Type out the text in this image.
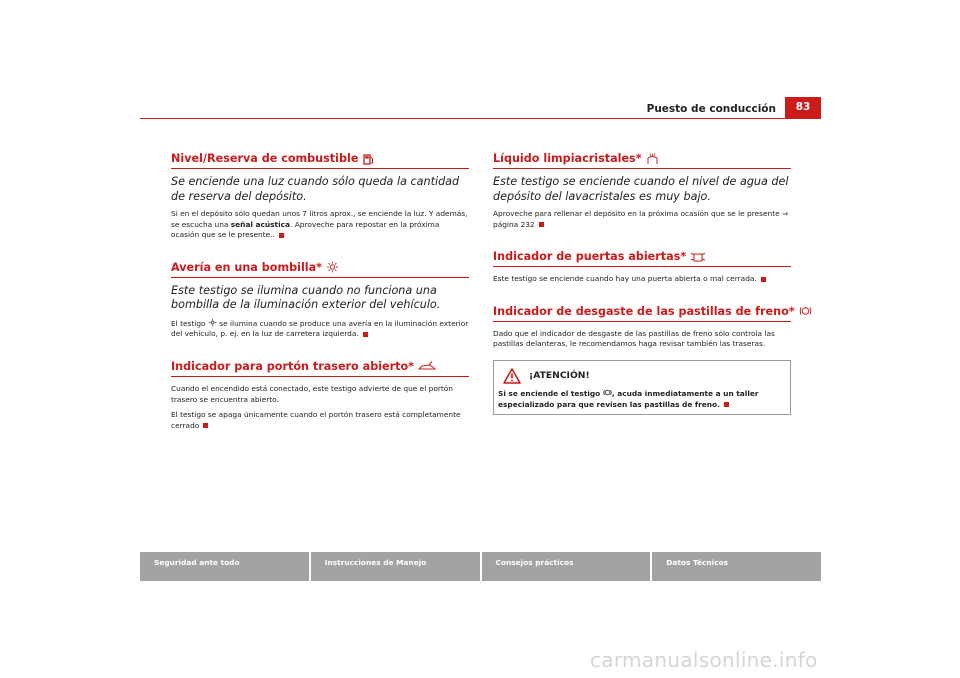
Puesto de conducción	83
Nivel/Reserva de combustible

Se enciende una luz cuando sólo queda la cantidad de reserva del depósito.

Si en el depósito sólo quedan unos 7 litros aprox., se enciende la luz. Y además, se escucha una señal acústica. Aproveche para repostar en la próxima ocasión que se le presente..

Avería en una bombilla*

Este testigo se ilumina cuando no funciona una bombilla de la iluminación exterior del vehículo.

El testigo
se ilumina cuando se produce una avería en la iluminación exterior del vehículo, p. ej. en la luz de carretera izquierda.

Indicador para portón trasero abierto*

Cuando el encendido está conectado, este testigo advierte de que el portón trasero se encuentra abierto.

El testigo se apaga únicamente cuando el portón trasero está completamente cerrado

Líquido limpiacristales*

Este testigo se enciende cuando el nivel de agua del depósito del lavacristales es muy bajo.

Aproveche para rellenar el depósito en la próxima ocasión que se le presente ⇒ página 232

Indicador de puertas abiertas*

Este testigo se enciende cuando hay una puerta abierta o mal cerrada.

Indicador de desgaste de las pastillas de freno*

Dado que el indicador de desgaste de las pastillas de freno sólo controla las pastillas delanteras, le recomendamos haga revisar también las traseras.

¡ATENCIÓN!
Si se enciende el testigo
, acuda inmediatamente a un taller especializado para que revisen las pastillas de freno.
Seguridad ante todo	Instrucciones de Manejo	Consejos prácticos	Datos Técnicos
carmanualsonline.info
